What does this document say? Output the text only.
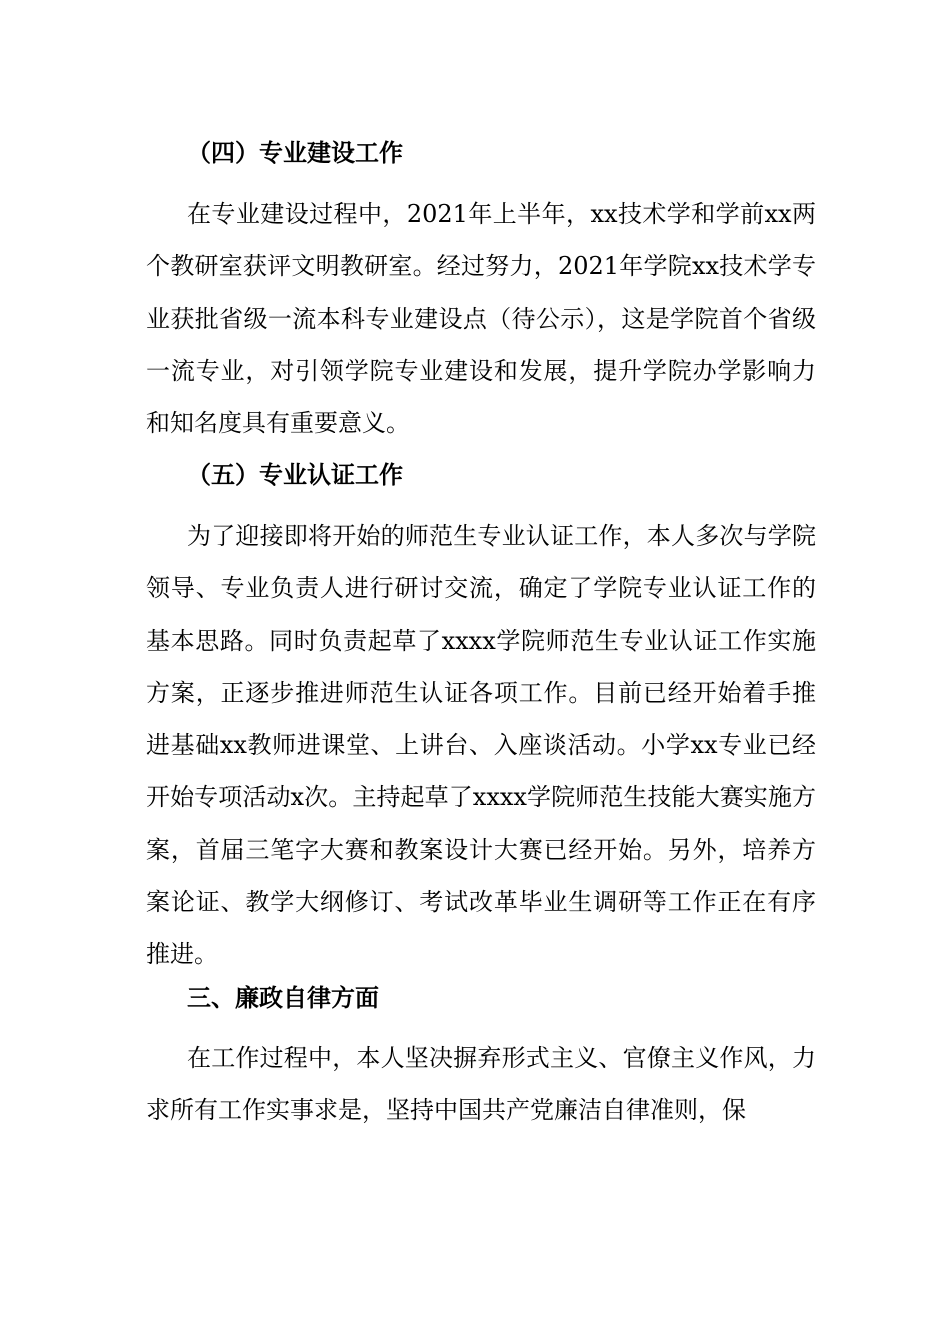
（四）专业建设工作

在专业建设过程中，2021年上半年，xx技术学和学前xx两个教研室获评文明教研室。经过努力，2021年学院xx技术学专业获批省级一流本科专业建设点（待公示），这是学院首个省级一流专业，对引领学院专业建设和发展，提升学院办学影响力和知名度具有重要意义。

（五）专业认证工作

为了迎接即将开始的师范生专业认证工作，本人多次与学院领导、专业负责人进行研讨交流，确定了学院专业认证工作的基本思路。同时负责起草了xxxx学院师范生专业认证工作实施方案，正逐步推进师范生认证各项工作。目前已经开始着手推进基础xx教师进课堂、上讲台、入座谈活动。小学xx专业已经开始专项活动x次。主持起草了xxxx学院师范生技能大赛实施方案，首届三笔字大赛和教案设计大赛已经开始。另外，培养方案论证、教学大纲修订、考试改革毕业生调研等工作正在有序推进。

三、廉政自律方面

在工作过程中，本人坚决摒弃形式主义、官僚主义作风，力求所有工作实事求是，坚持中国共产党廉洁自律准则，保
